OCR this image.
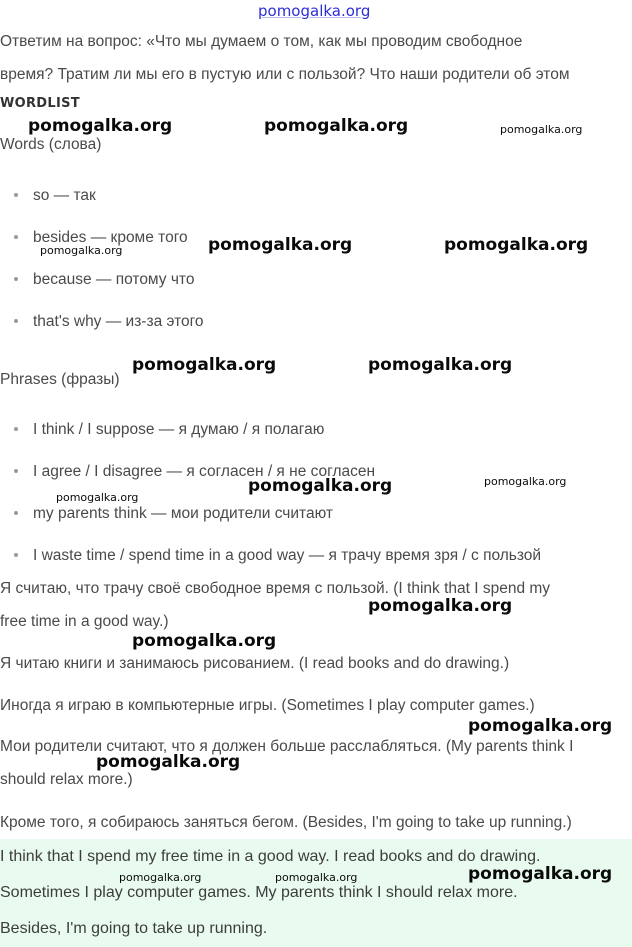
pomogalka.org
Ответим на вопрос: «Что мы думаем о том, как мы проводим свободное
время? Тратим ли мы его в пустую или с пользой? Что наши родители об этом
WORDLIST
Words (слова)
so — так
besides — кроме того
because — потому что
that's why — из-за этого
Phrases (фразы)
I think / I suppose — я думаю / я полагаю
I agree / I disagree — я согласен / я не согласен
my parents think — мои родители считают
I waste time / spend time in a good way — я трачу время зря / с пользой
Я считаю, что трачу своё свободное время с пользой. (I think that I spend my
free time in a good way.)
Я читаю книги и занимаюсь рисованием. (I read books and do drawing.)
Иногда я играю в компьютерные игры. (Sometimes I play computer games.)
Мои родители считают, что я должен больше расслабляться. (My parents think I
should relax more.)
Кроме того, я собираюсь заняться бегом. (Besides, I'm going to take up running.)
I think that I spend my free time in a good way. I read books and do drawing.
Sometimes I play computer games. My parents think I should relax more.
Besides, I'm going to take up running.
pomogalka.org	pomogalka.org	pomogalka.org
pomogalka.org	pomogalka.org	pomogalka.org
pomogalka.org	pomogalka.org
pomogalka.org	pomogalka.org
pomogalka.org
pomogalka.org
pomogalka.org
pomogalka.org
pomogalka.org
pomogalka.org
pomogalka.org	pomogalka.org
